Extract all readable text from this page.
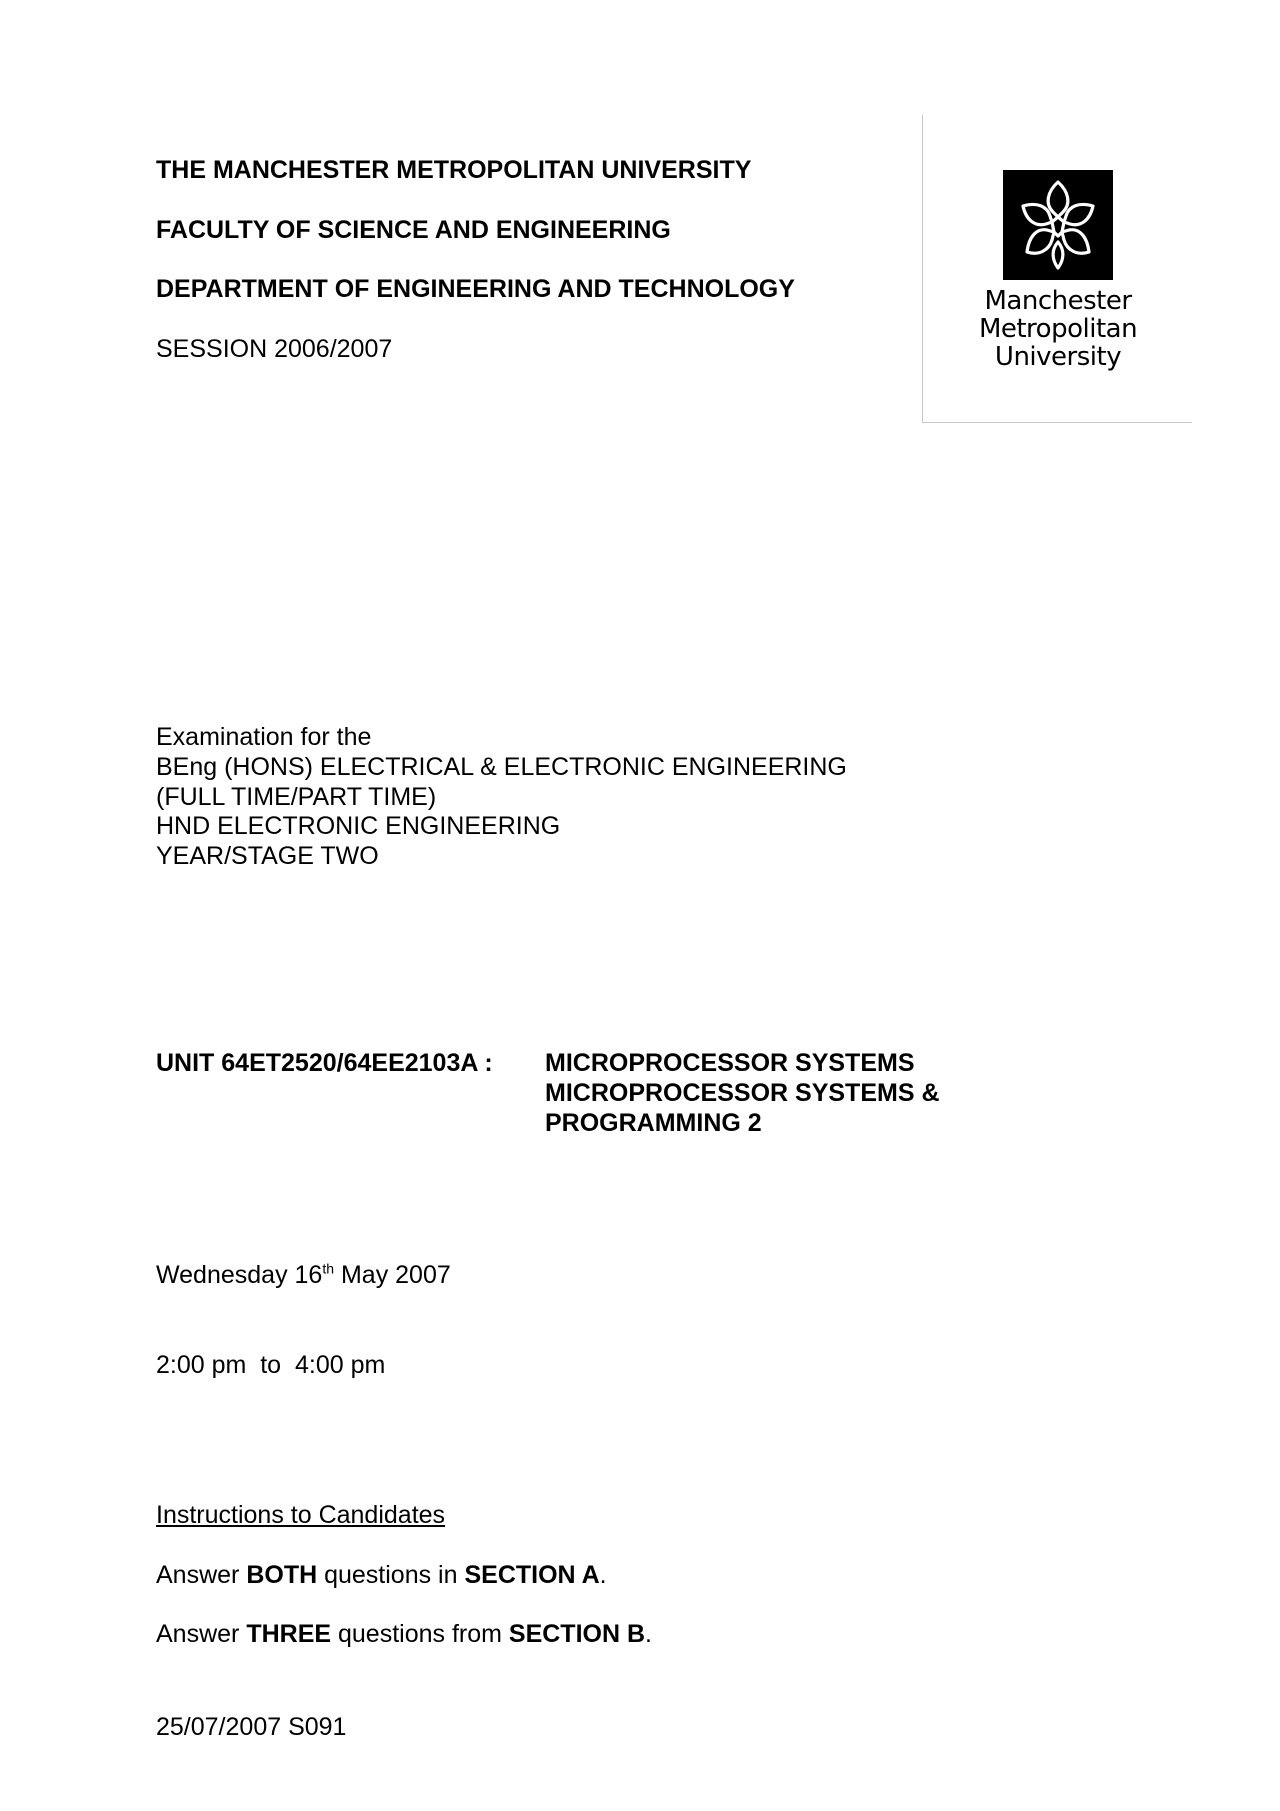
THE MANCHESTER METROPOLITAN UNIVERSITY
FACULTY OF SCIENCE AND ENGINEERING
DEPARTMENT OF ENGINEERING AND TECHNOLOGY
SESSION 2006/2007
Manchester
Metropolitan
University
Examination for the
BEng (HONS) ELECTRICAL & ELECTRONIC ENGINEERING
(FULL TIME/PART TIME)
HND ELECTRONIC ENGINEERING
YEAR/STAGE TWO
UNIT 64ET2520/64EE2103A : MICROPROCESSOR SYSTEMS
MICROPROCESSOR SYSTEMS &
PROGRAMMING 2
Wednesday 16th May 2007
2:00 pm  to  4:00 pm
Instructions to Candidates
Answer BOTH questions in SECTION A.
Answer THREE questions from SECTION B.
25/07/2007 S091
